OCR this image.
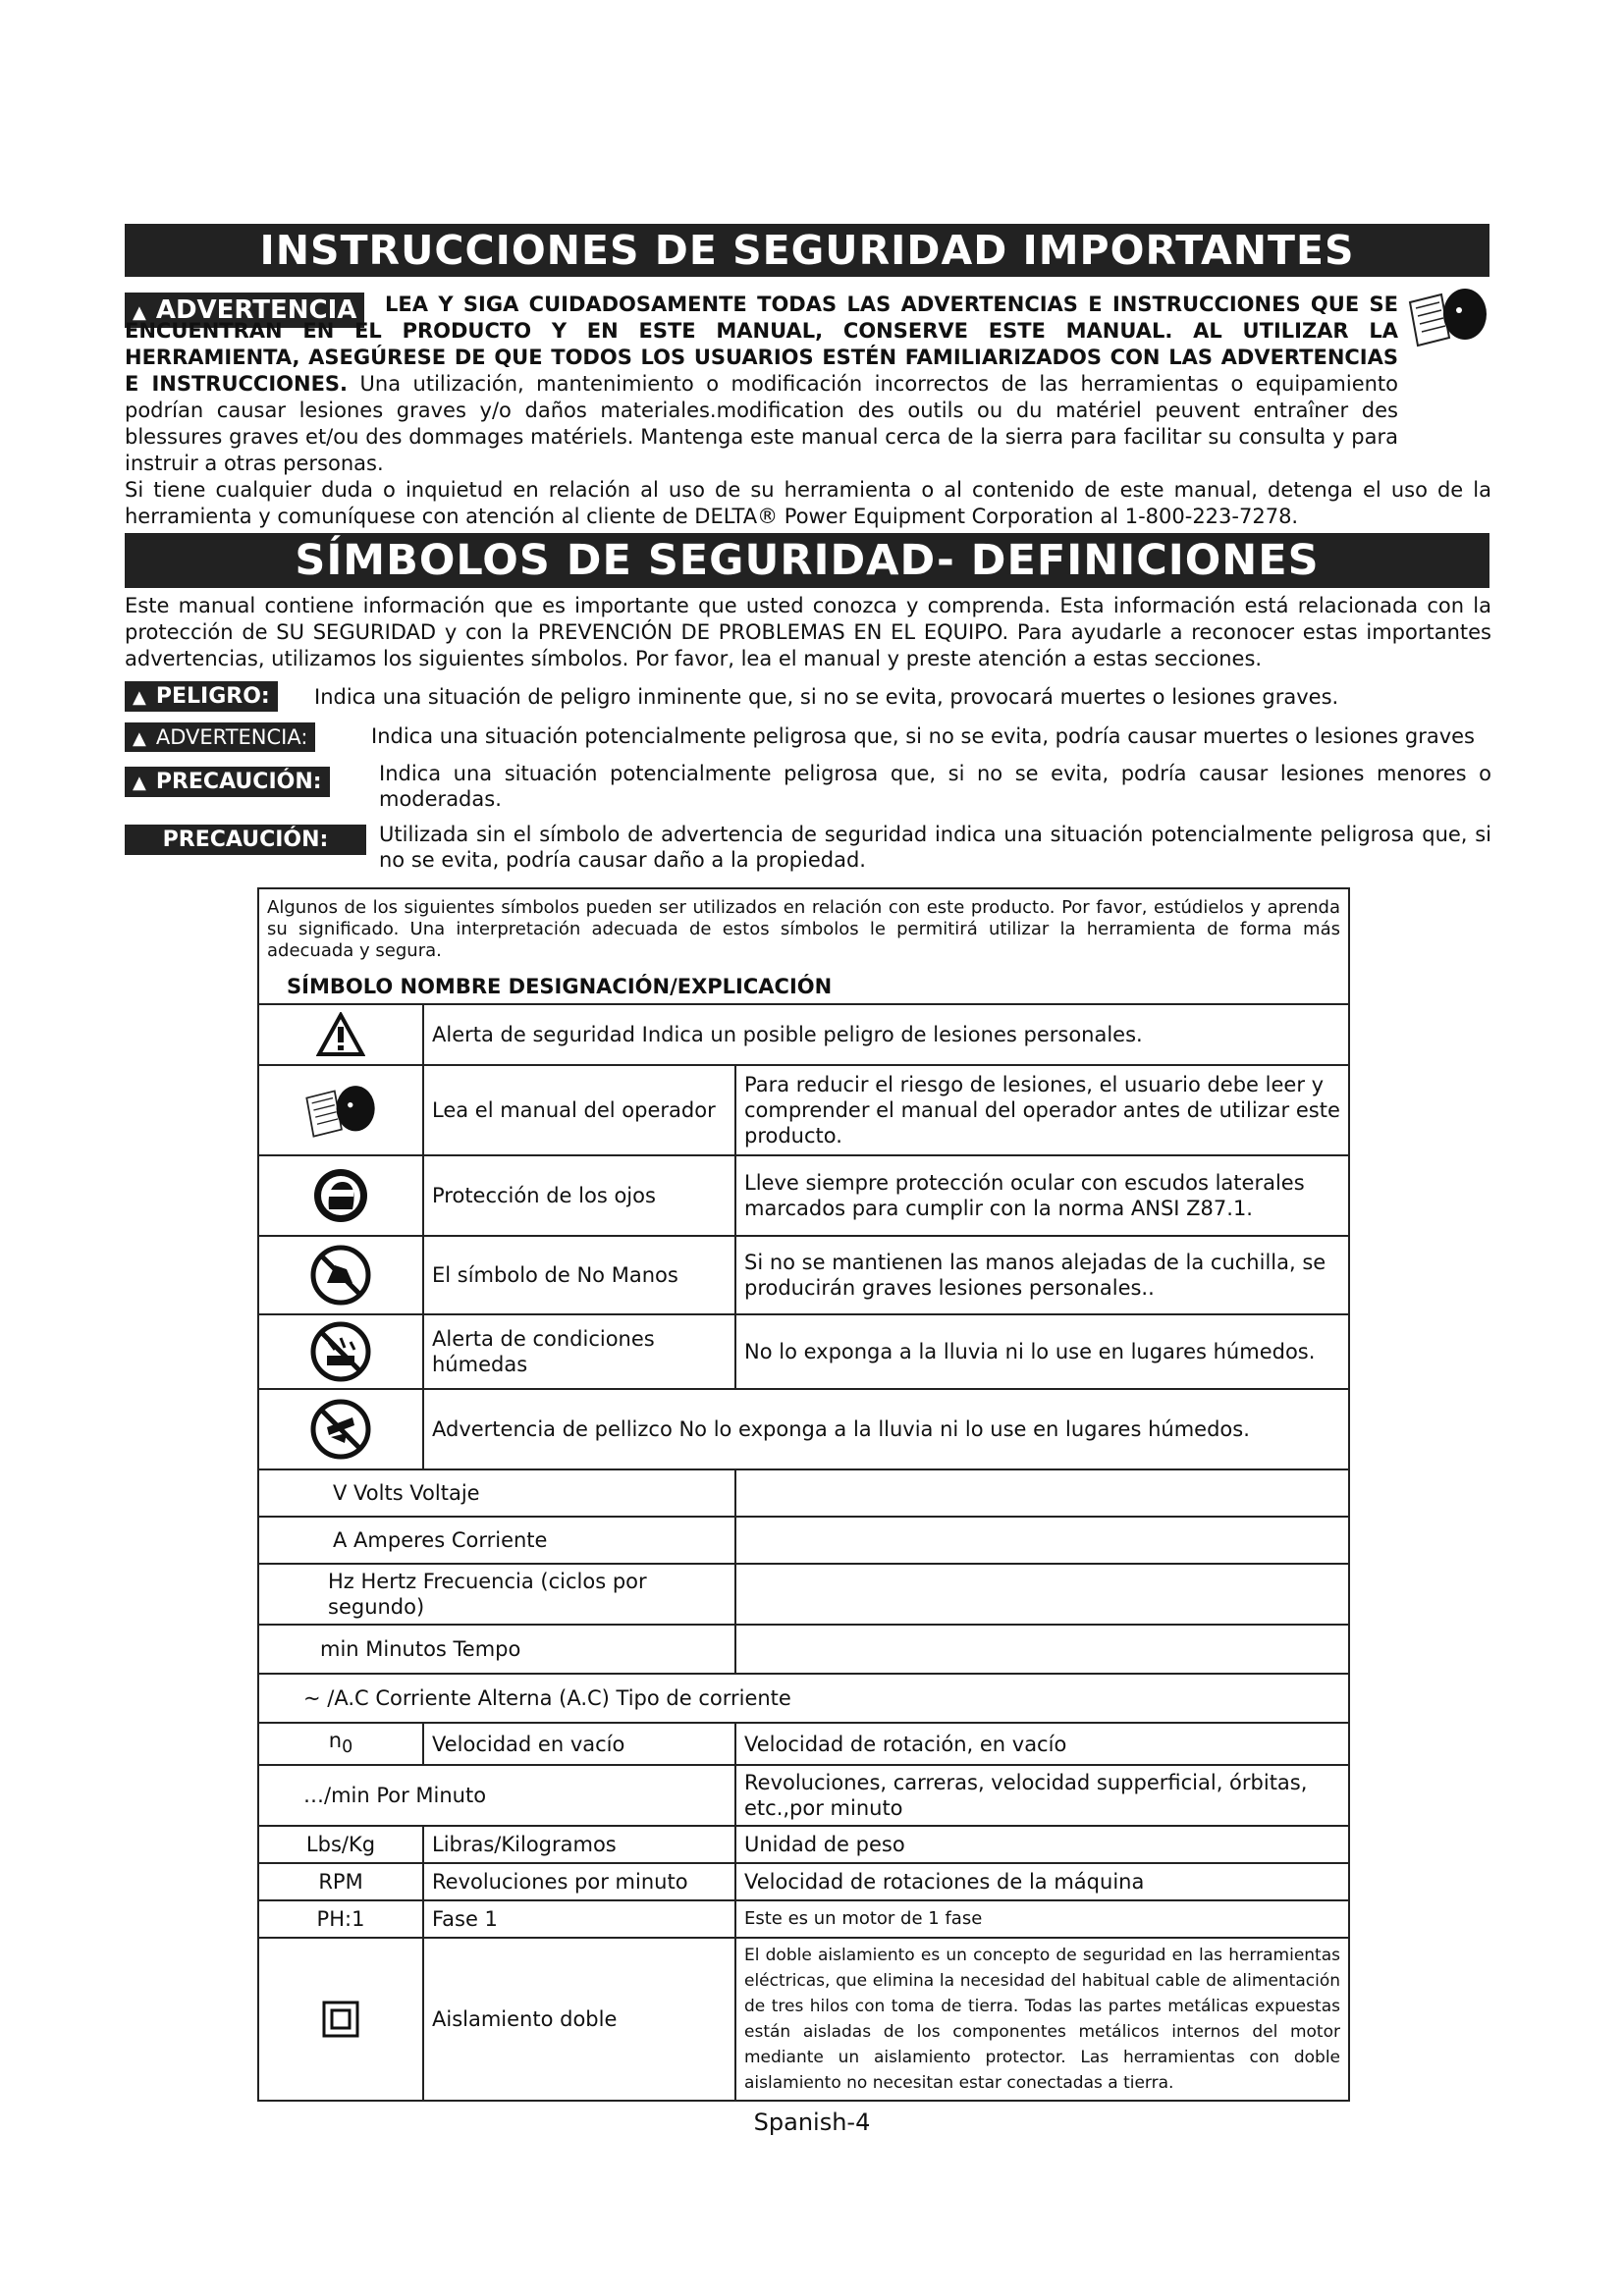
INSTRUCCIONES DE SEGURIDAD IMPORTANTES
▲ ADVERTENCIA	LEA Y SIGA CUIDADOSAMENTE TODAS LAS ADVERTENCIAS E INSTRUCCIONES QUE SE ENCUENTRAN EN EL PRODUCTO Y EN ESTE MANUAL, CONSERVE ESTE MANUAL. AL UTILIZAR LA HERRAMIENTA, ASEGÚRESE DE QUE TODOS LOS USUARIOS ESTÉN FAMILIARIZADOS CON LAS ADVERTENCIAS E INSTRUCCIONES. Una utilización, mantenimiento o modificación incorrectos de las herramientas o equipamiento podrían causar lesiones graves y/o daños materiales.modification des outils ou du matériel peuvent entraîner des blessures graves et/ou des dommages matériels. Mantenga este manual cerca de la sierra para facilitar su consulta y para instruir a otras personas.
Si tiene cualquier duda o inquietud en relación al uso de su herramienta o al contenido de este manual, detenga el uso de la herramienta y comuníquese con atención al cliente de DELTA® Power Equipment Corporation al 1-800-223-7278.
SÍMBOLOS DE SEGURIDAD- DEFINICIONES
Este manual contiene información que es importante que usted conozca y comprenda. Esta información está relacionada con la protección de SU SEGURIDAD y con la PREVENCIÓN DE PROBLEMAS EN EL EQUIPO. Para ayudarle a reconocer estas importantes advertencias, utilizamos los siguientes símbolos. Por favor, lea el manual y preste atención a estas secciones.
▲ PELIGRO:	Indica una situación de peligro inminente que, si no se evita, provocará muertes o lesiones graves.
▲ ADVERTENCIA:	Indica una situación potencialmente peligrosa que, si no se evita, podría causar muertes o lesiones graves
▲ PRECAUCIÓN:	Indica una situación potencialmente peligrosa que, si no se evita, podría causar lesiones menores o moderadas.
PRECAUCIÓN:	Utilizada sin el símbolo de advertencia de seguridad indica una situación potencialmente peligrosa que, si no se evita, podría causar daño a la propiedad.
Algunos de los siguientes símbolos pueden ser utilizados en relación con este producto. Por favor, estúdielos y aprenda su significado. Una interpretación adecuada de estos símbolos le permitirá utilizar la herramienta de forma más adecuada y segura.
SÍMBOLO NOMBRE DESIGNACIÓN/EXPLICACIÓN		

	Alerta de seguridad Indica un posible peligro de lesiones personales.	
	Lea el manual del operador	Para reducir el riesgo de lesiones, el usuario debe leer y comprender el manual del operador antes de utilizar este producto.
	Protección de los ojos	Lleve siempre protección ocular con escudos laterales marcados para cumplir con la norma ANSI Z87.1.
	El símbolo de No Manos	Si no se mantienen las manos alejadas de la cuchilla, se producirán graves lesiones personales..
	Alerta de condiciones húmedas	No lo exponga a la lluvia ni lo use en lugares húmedos.
	Advertencia de pellizco No lo exponga a la lluvia ni lo use en lugares húmedos.	
V Volts Voltaje		
A Amperes Corriente		
Hz Hertz Frecuencia (ciclos por segundo)		
min Minutos Tempo		
~ /A.C Corriente Alterna (A.C) Tipo de corriente		
$n_0$	Velocidad en vacío	Velocidad de rotación, en vacío
…/min Por Minuto		Revoluciones, carreras, velocidad supperficial, órbitas, etc.,por minuto
Lbs/Kg	Libras/Kilogramos	Unidad de peso
RPM	Revoluciones por minuto	Velocidad de rotaciones de la máquina
PH:1	Fase 1	Este es un motor de 1 fase
	Aislamiento doble	El doble aislamiento es un concepto de seguridad en las herramientas eléctricas, que elimina la necesidad del habitual cable de alimentación de tres hilos con toma de tierra. Todas las partes metálicas expuestas están aisladas de los componentes metálicos internos del motor mediante un aislamiento protector. Las herramientas con doble aislamiento no necesitan estar conectadas a tierra.
Spanish-4
